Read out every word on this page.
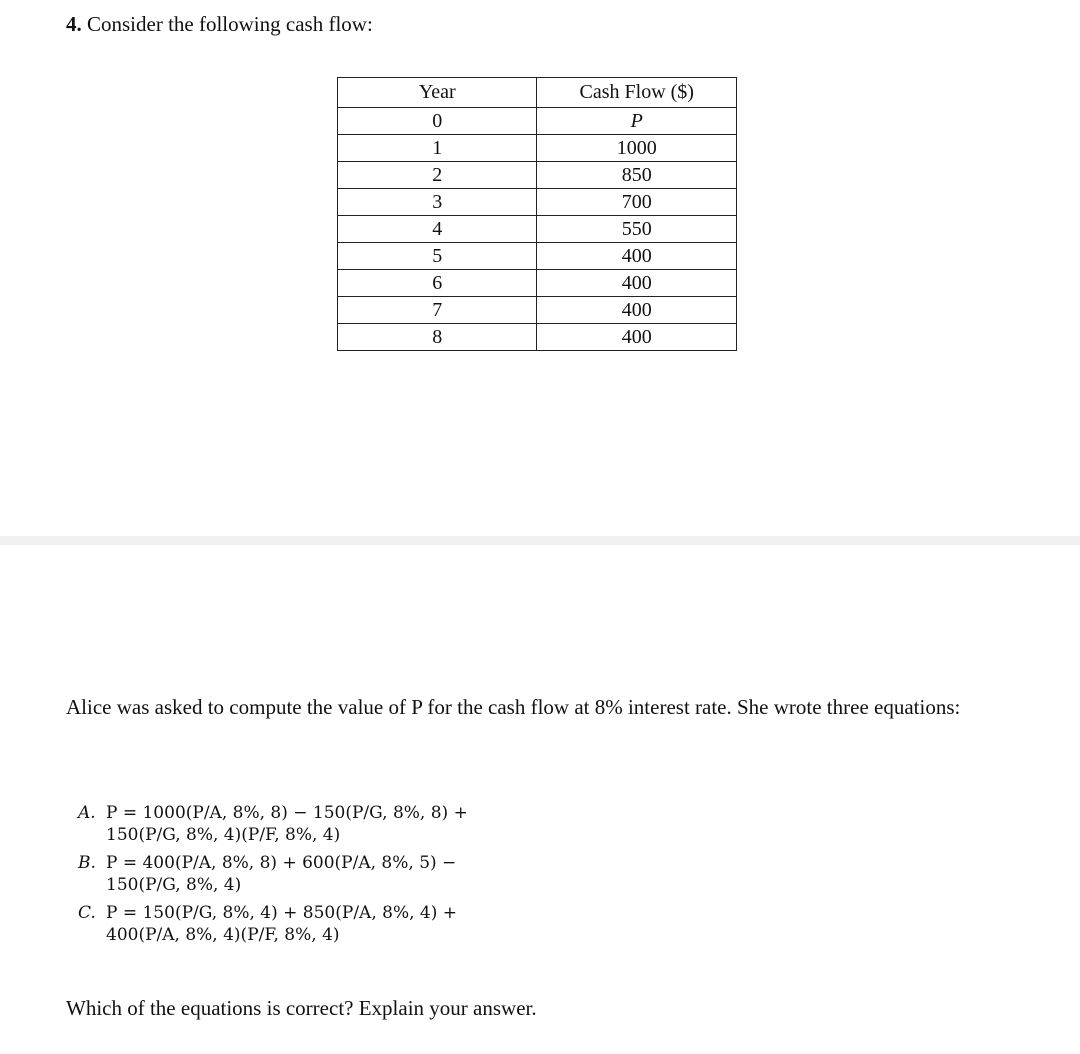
4. Consider the following cash flow:
Year	Cash Flow ($)
0	P
1	1000
2	850
3	700
4	550
5	400
6	400
7	400
8	400
Alice was asked to compute the value of P for the cash flow at 8% interest rate. She wrote three equations:
A. P = 1000(P/A, 8%, 8) − 150(P/G, 8%, 8) +
150(P/G, 8%, 4)(P/F, 8%, 4)
B. P = 400(P/A, 8%, 8) + 600(P/A, 8%, 5) −
150(P/G, 8%, 4)
C. P = 150(P/G, 8%, 4) + 850(P/A, 8%, 4) +
400(P/A, 8%, 4)(P/F, 8%, 4)
Which of the equations is correct? Explain your answer.
